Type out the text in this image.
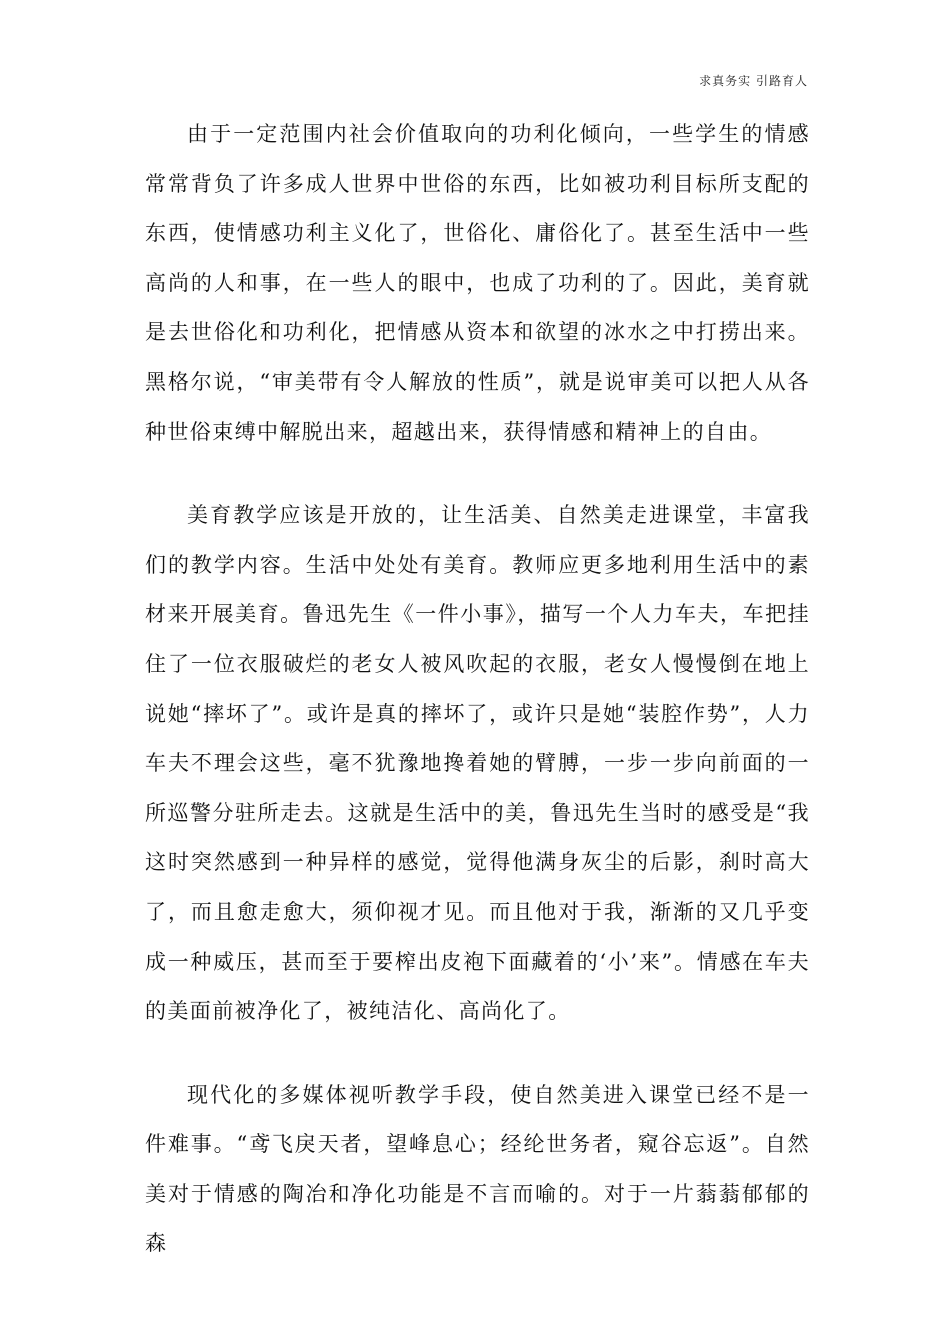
求真务实 引路育人

由于一定范围内社会价值取向的功利化倾向，一些学生的情感常常背负了许多成人世界中世俗的东西，比如被功利目标所支配的东西，使情感功利主义化了，世俗化、庸俗化了。甚至生活中一些高尚的人和事，在一些人的眼中，也成了功利的了。因此，美育就是去世俗化和功利化，把情感从资本和欲望的冰水之中打捞出来。黑格尔说，“审美带有令人解放的性质”，就是说审美可以把人从各种世俗束缚中解脱出来，超越出来，获得情感和精神上的自由。

美育教学应该是开放的，让生活美、自然美走进课堂，丰富我们的教学内容。生活中处处有美育。教师应更多地利用生活中的素材来开展美育。鲁迅先生《一件小事》，描写一个人力车夫，车把挂住了一位衣服破烂的老女人被风吹起的衣服，老女人慢慢倒在地上说她“摔坏了”。或许是真的摔坏了，或许只是她“装腔作势”，人力车夫不理会这些，毫不犹豫地搀着她的臂膊，一步一步向前面的一所巡警分驻所走去。这就是生活中的美，鲁迅先生当时的感受是“我这时突然感到一种异样的感觉，觉得他满身灰尘的后影，刹时高大了，而且愈走愈大，须仰视才见。而且他对于我，渐渐的又几乎变成一种威压，甚而至于要榨出皮袍下面藏着的‘小’来”。情感在车夫的美面前被净化了，被纯洁化、高尚化了。

现代化的多媒体视听教学手段，使自然美进入课堂已经不是一件难事。“鸢飞戾天者，望峰息心；经纶世务者，窥谷忘返”。自然美对于情感的陶冶和净化功能是不言而喻的。对于一片蓊蓊郁郁的森
